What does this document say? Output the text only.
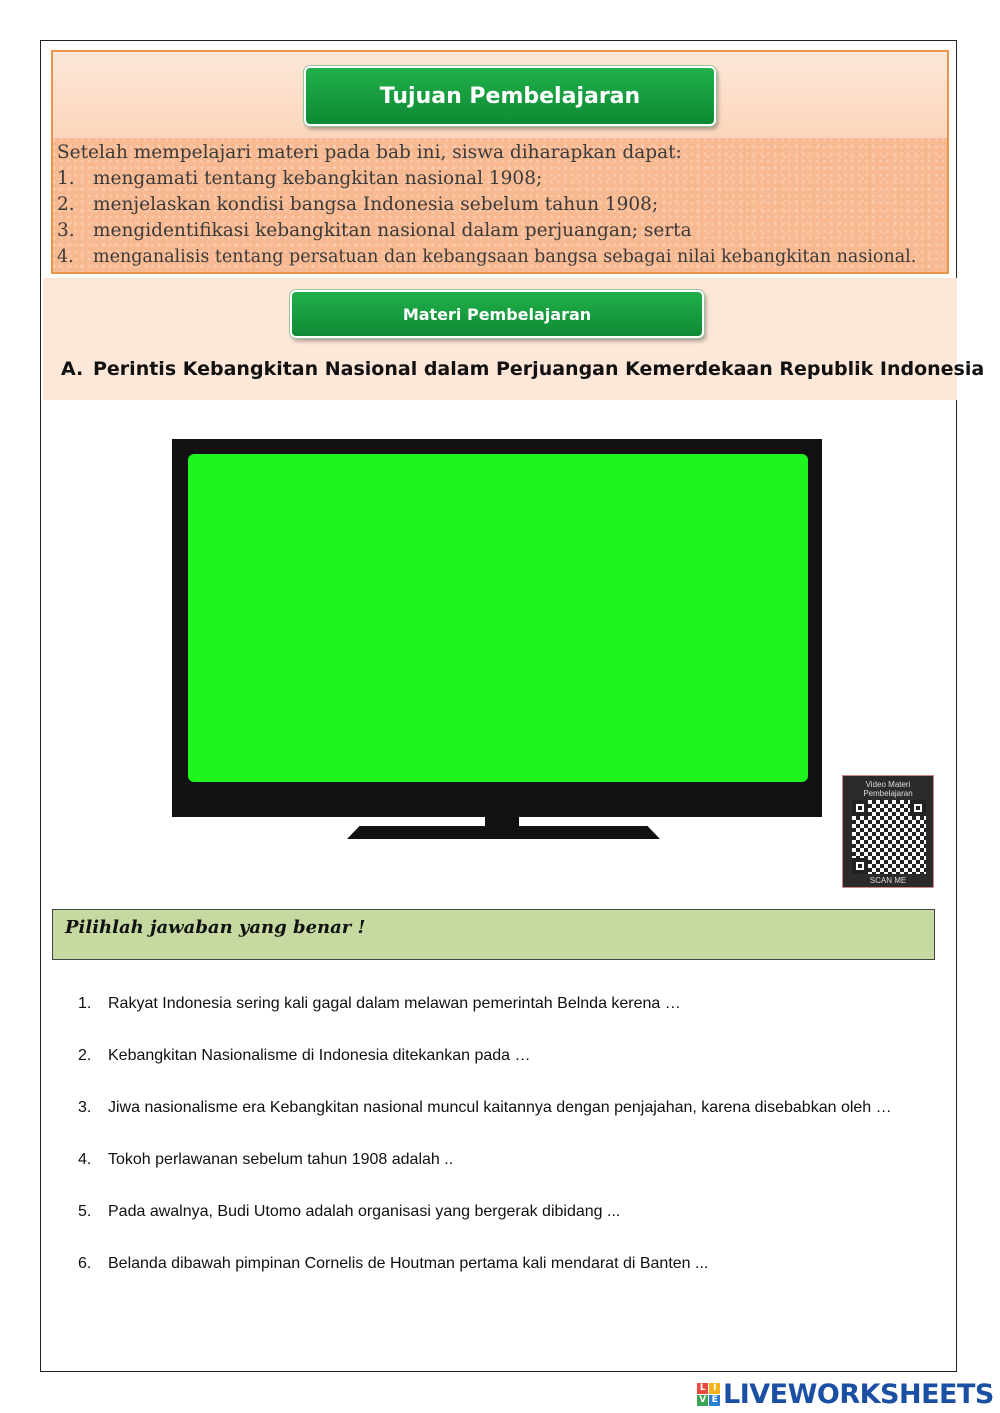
Tujuan Pembelajaran
Setelah mempelajari materi pada bab ini, siswa diharapkan dapat:
1. mengamati tentang kebangkitan nasional 1908;
2. menjelaskan kondisi bangsa Indonesia sebelum tahun 1908;
3. mengidentifikasi kebangkitan nasional dalam perjuangan; serta
4. menganalisis tentang persatuan dan kebangsaan bangsa sebagai nilai kebangkitan nasional.
Materi Pembelajaran
A. Perintis Kebangkitan Nasional dalam Perjuangan Kemerdekaan Republik Indonesia
Video Materi
Pembelajaran
SCAN ME
Pilihlah jawaban yang benar !
1. Rakyat Indonesia sering kali gagal dalam melawan pemerintah Belnda kerena …
2. Kebangkitan Nasionalisme di Indonesia ditekankan pada …
3. Jiwa nasionalisme era Kebangkitan nasional muncul kaitannya dengan penjajahan, karena disebabkan oleh …
4. Tokoh perlawanan sebelum tahun 1908 adalah ..
5. Pada awalnya, Budi Utomo adalah organisasi yang bergerak dibidang ...
6. Belanda dibawah pimpinan Cornelis de Houtman pertama kali mendarat di Banten ...
L I
V E LIVEWORKSHEETS
